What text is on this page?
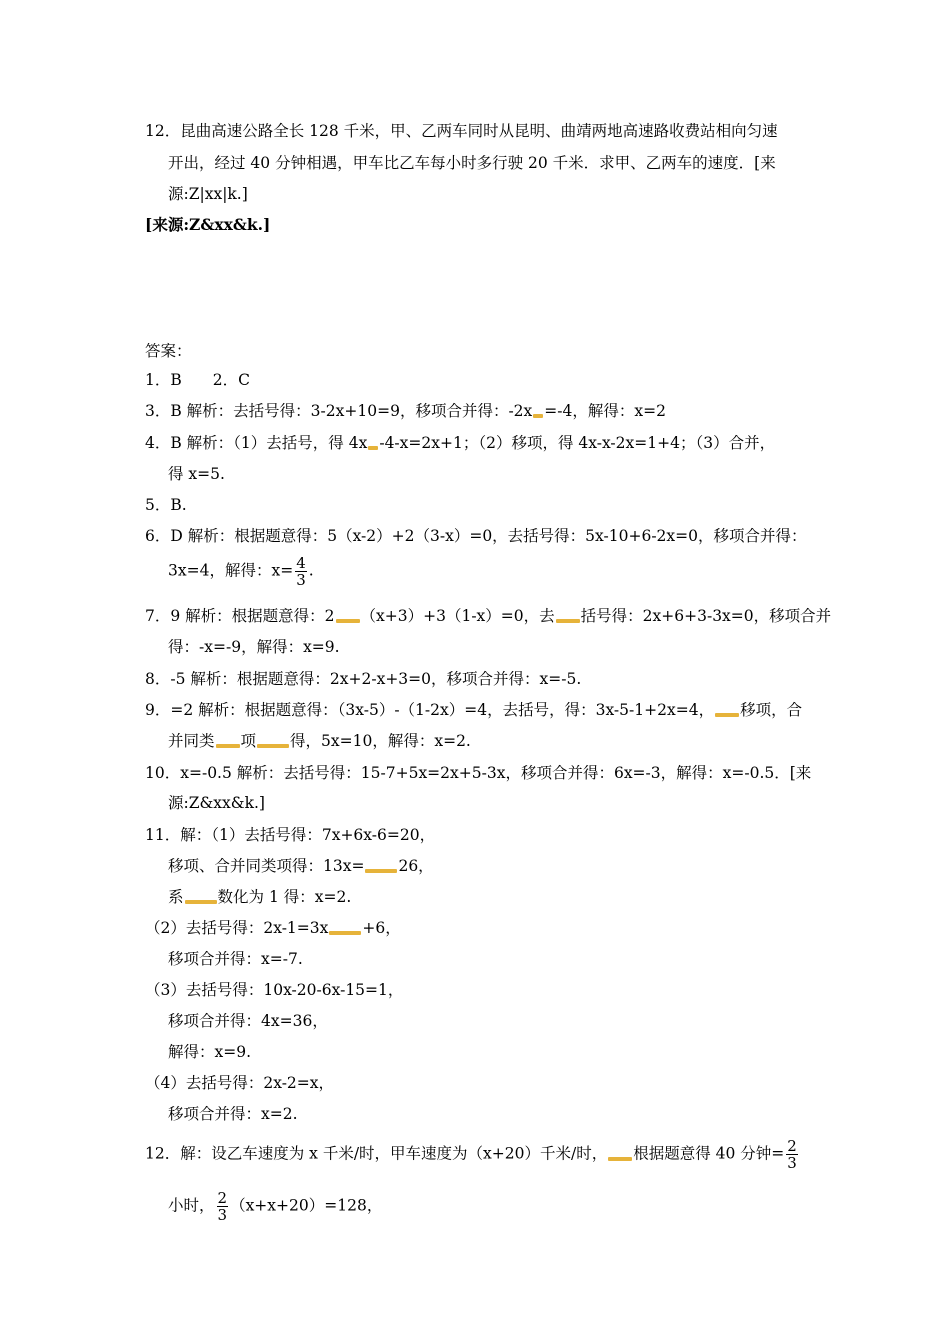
12．昆曲高速公路全长 128 千米，甲、乙两车同时从昆明、曲靖两地高速路收费站相向匀速
开出，经过 40 分钟相遇，甲车比乙车每小时多行驶 20 千米．求甲、乙两车的速度．[来
源:Z|xx|k.]
[来源:Z&xx&k.]
答案：
1．B　　2．C
3．B 解析：去括号得：3-2x+10=9，移项合并得：-2x =-4，解得：x=2
4．B 解析：（1）去括号，得 4x -4-x=2x+1；（2）移项，得 4x-x-2x=1+4；（3）合并，
得 x=5.
5．B.
6．D 解析：根据题意得：5（x-2）+2（3-x）=0，去括号得：5x-10+6-2x=0，移项合并得：
3x=4，解得：$x= \frac{4}{3}$ .
7．9 解析：根据题意得：2 （x+3）+3（1-x）=0，去 括号得：2x+6+3-3x=0，移项合并
得：-x=-9，解得：x=9.
8．-5 解析：根据题意得：2x+2-x+3=0，移项合并得：x=-5.
9．=2 解析：根据题意得：（3x-5）-（1-2x）=4，去括号，得：3x-5-1+2x=4， 移项，合
并同类 项 得，5x=10，解得：x=2.
10．x=-0.5 解析：去括号得：15-7+5x=2x+5-3x，移项合并得：6x=-3，解得：x=-0.5．[来
源:Z&xx&k.]
11．解：（1）去括号得：7x+6x-6=20，
移项、合并同类项得：13x= 26，
系 数化为 1 得：x=2.
（2）去括号得：2x-1=3x +6，
移项合并得：x=-7.
（3）去括号得：10x-20-6x-15=1，
移项合并得：4x=36，
解得：x=9.
（4）去括号得：2x-2=x，
移项合并得：x=2.
12．解：设乙车速度为 x 千米/时，甲车速度为（x+20）千米/时， 根据题意得 40 分钟= $\frac{2}{3}$
小时， $\frac{2}{3} (x+x+20)=128$，
